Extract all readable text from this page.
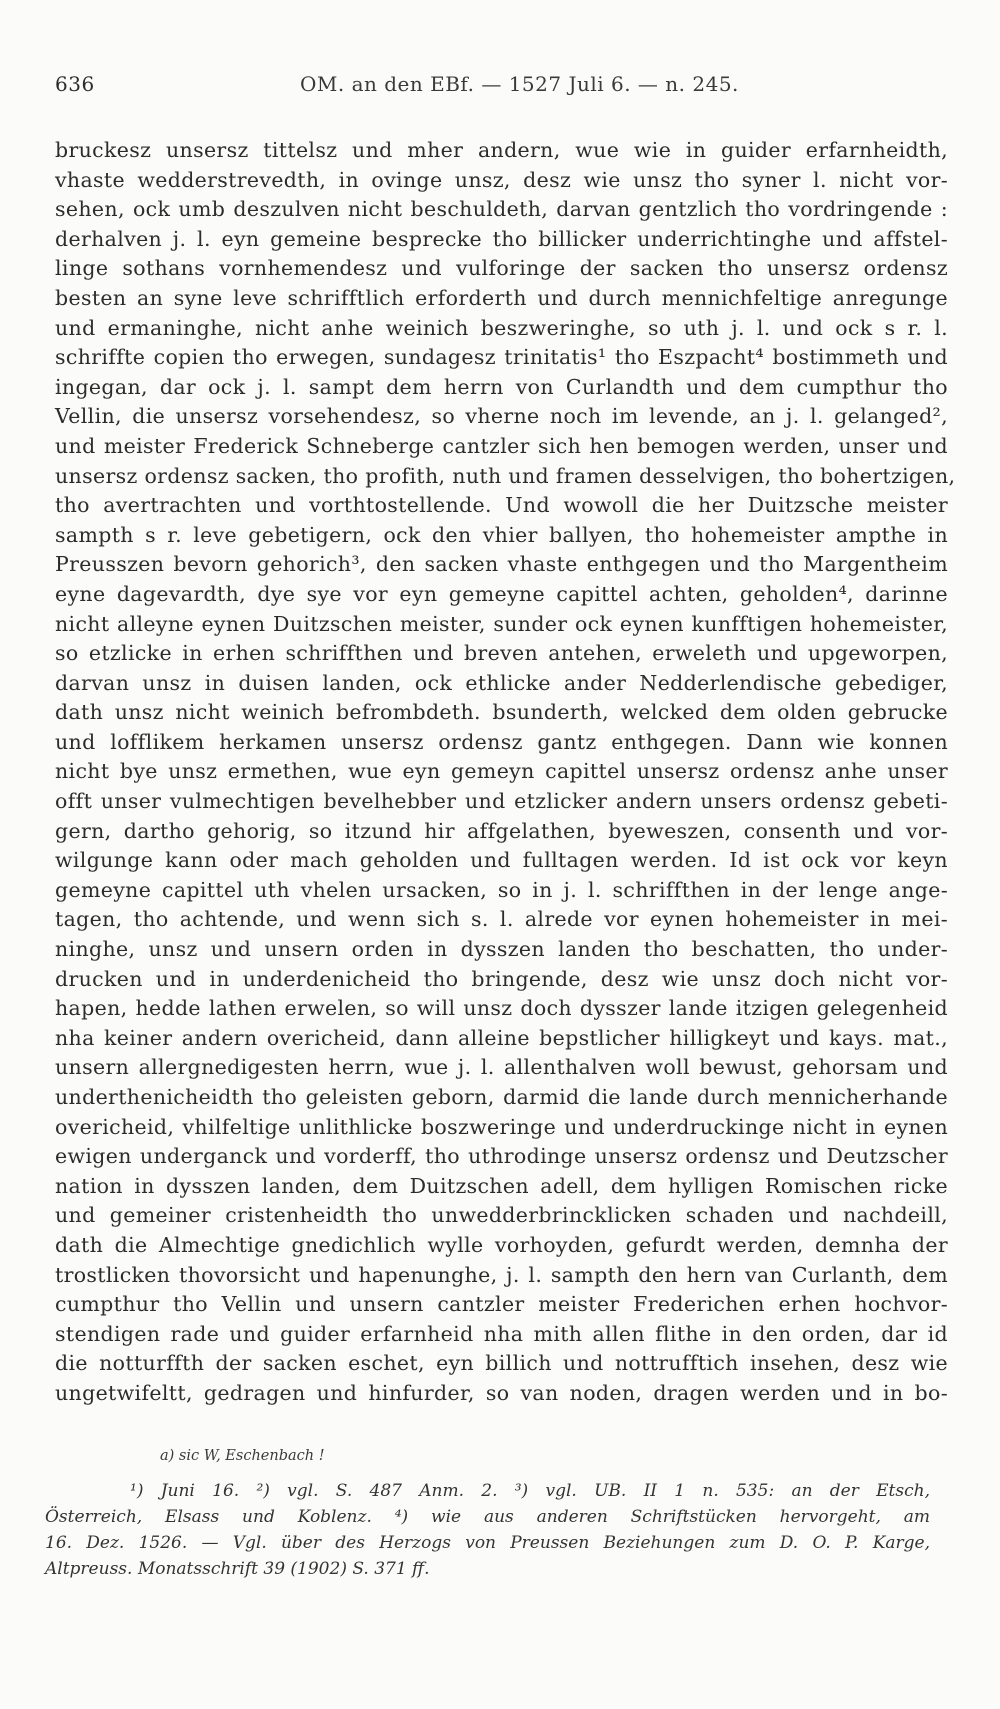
636	OM. an den EBf. — 1527 Juli 6. — n. 245.
bruckesz unsersz tittelsz und mher andern, wue wie in guider erfarnheidth,
vhaste wedderstrevedth, in ovinge unsz, desz wie unsz tho syner l. nicht vor-
sehen, ock umb deszulven nicht beschuldeth, darvan gentzlich tho vordringende :
derhalven j. l. eyn gemeine besprecke tho billicker underrichtinghe und affstel-
linge sothans vornhemendesz und vulforinge der sacken tho unsersz ordensz
besten an syne leve schrifftlich erforderth und durch mennichfeltige anregunge
und ermaninghe, nicht anhe weinich beszweringhe, so uth j. l. und ock s r. l.
schriffte copien tho erwegen, sundagesz trinitatis¹ tho Eszpacht⁴ bostimmeth und
ingegan, dar ock j. l. sampt dem herrn von Curlandth und dem cumpthur tho
Vellin, die unsersz vorsehendesz, so vherne noch im levende, an j. l. gelanged²,
und meister Frederick Schneberge cantzler sich hen bemogen werden, unser und
unsersz ordensz sacken, tho profith, nuth und framen desselvigen, tho bohertzigen,
tho avertrachten und vorthtostellende. Und wowoll die her Duitzsche meister
sampth s r. leve gebetigern, ock den vhier ballyen, tho hohemeister ampthe in
Preusszen bevorn gehorich³, den sacken vhaste enthgegen und tho Margentheim
eyne dagevardth, dye sye vor eyn gemeyne capittel achten, geholden⁴, darinne
nicht alleyne eynen Duitzschen meister, sunder ock eynen kunfftigen hohemeister,
so etzlicke in erhen schriffthen und breven antehen, erweleth und upgeworpen,
darvan unsz in duisen landen, ock ethlicke ander Nedderlendische gebediger,
dath unsz nicht weinich befrombdeth. bsunderth, welcked dem olden gebrucke
und lofflikem herkamen unsersz ordensz gantz enthgegen. Dann wie konnen
nicht bye unsz ermethen, wue eyn gemeyn capittel unsersz ordensz anhe unser
offt unser vulmechtigen bevelhebber und etzlicker andern unsers ordensz gebeti-
gern, dartho gehorig, so itzund hir affgelathen, byeweszen, consenth und vor-
wilgunge kann oder mach geholden und fulltagen werden. Id ist ock vor keyn
gemeyne capittel uth vhelen ursacken, so in j. l. schriffthen in der lenge ange-
tagen, tho achtende, und wenn sich s. l. alrede vor eynen hohemeister in mei-
ninghe, unsz und unsern orden in dysszen landen tho beschatten, tho under-
drucken und in underdenicheid tho bringende, desz wie unsz doch nicht vor-
hapen, hedde lathen erwelen, so will unsz doch dysszer lande itzigen gelegenheid
nha keiner andern overicheid, dann alleine bepstlicher hilligkeyt und kays. mat.,
unsern allergnedigesten herrn, wue j. l. allenthalven woll bewust, gehorsam und
underthenicheidth tho geleisten geborn, darmid die lande durch mennicherhande
overicheid, vhilfeltige unlithlicke boszweringe und underdruckinge nicht in eynen
ewigen underganck und vorderff, tho uthrodinge unsersz ordensz und Deutzscher
nation in dysszen landen, dem Duitzschen adell, dem hylligen Romischen ricke
und gemeiner cristenheidth tho unwedderbrincklicken schaden und nachdeill,
dath die Almechtige gnedichlich wylle vorhoyden, gefurdt werden, demnha der
trostlicken thovorsicht und hapenunghe, j. l. sampth den hern van Curlanth, dem
cumpthur tho Vellin und unsern cantzler meister Frederichen erhen hochvor-
stendigen rade und guider erfarnheid nha mith allen flithe in den orden, dar id
die notturffth der sacken eschet, eyn billich und nottrufftich insehen, desz wie
ungetwifeltt, gedragen und hinfurder, so van noden, dragen werden und in bo-
a) sic W, Eschenbach !
¹) Juni 16. ²) vgl. S. 487 Anm. 2. ³) vgl. UB. II 1 n. 535: an der Etsch,
Österreich, Elsass und Koblenz. ⁴) wie aus anderen Schriftstücken hervorgeht, am
16. Dez. 1526. — Vgl. über des Herzogs von Preussen Beziehungen zum D. O. P. Karge,
Altpreuss. Monatsschrift 39 (1902) S. 371 ff.
